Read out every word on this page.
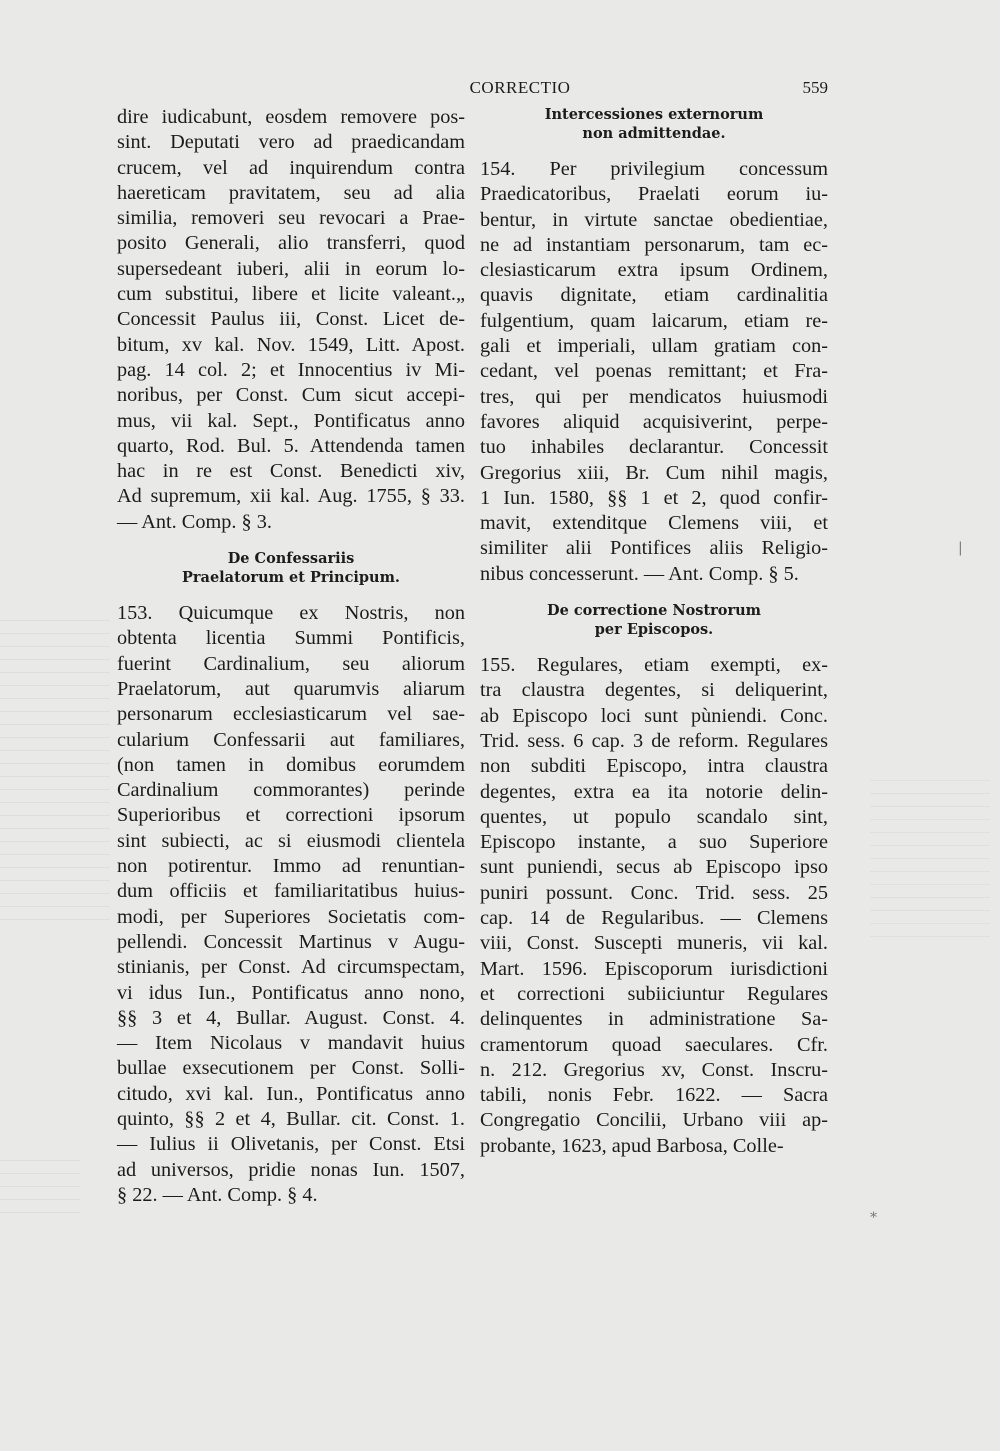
CORRECTIO	559
dire iudicabunt, eosdem removere pos-
sint. Deputati vero ad praedicandam
crucem, vel ad inquirendum contra
haereticam pravitatem, seu ad alia
similia, removeri seu revocari a Prae-
posito Generali, alio transferri, quod
supersedeant iuberi, alii in eorum lo-
cum substitui, libere et licite valeant.„
Concessit Paulus iii, Const. Licet de-
bitum, xv kal. Nov. 1549, Litt. Apost.
pag. 14 col. 2; et Innocentius iv Mi-
noribus, per Const. Cum sicut accepi-
mus, vii kal. Sept., Pontificatus anno
quarto, Rod. Bul. 5. Attendenda tamen
hac in re est Const. Benedicti xiv,
Ad supremum, xii kal. Aug. 1755, § 33.
— Ant. Comp. § 3.
De Confessariis
Praelatorum et Principum.
153. Quicumque ex Nostris, non
obtenta licentia Summi Pontificis,
fuerint Cardinalium, seu aliorum
Praelatorum, aut quarumvis aliarum
personarum ecclesiasticarum vel sae-
cularium Confessarii aut familiares,
(non tamen in domibus eorumdem
Cardinalium commorantes) perinde
Superioribus et correctioni ipsorum
sint subiecti, ac si eiusmodi clientela
non potirentur. Immo ad renuntian-
dum officiis et familiaritatibus huius-
modi, per Superiores Societatis com-
pellendi. Concessit Martinus v Augu-
stinianis, per Const. Ad circumspectam,
vi idus Iun., Pontificatus anno nono,
§§ 3 et 4, Bullar. August. Const. 4.
— Item Nicolaus v mandavit huius
bullae exsecutionem per Const. Solli-
citudo, xvi kal. Iun., Pontificatus anno
quinto, §§ 2 et 4, Bullar. cit. Const. 1.
— Iulius ii Olivetanis, per Const. Etsi
ad universos, pridie nonas Iun. 1507,
§ 22. — Ant. Comp. § 4.
Intercessiones externorum
non admittendae.
154. Per privilegium concessum
Praedicatoribus, Praelati eorum iu-
bentur, in virtute sanctae obedientiae,
ne ad instantiam personarum, tam ec-
clesiasticarum extra ipsum Ordinem,
quavis dignitate, etiam cardinalitia
fulgentium, quam laicarum, etiam re-
gali et imperiali, ullam gratiam con-
cedant, vel poenas remittant; et Fra-
tres, qui per mendicatos huiusmodi
favores aliquid acquisiverint, perpe-
tuo inhabiles declarantur. Concessit
Gregorius xiii, Br. Cum nihil magis,
1 Iun. 1580, §§ 1 et 2, quod confir-
mavit, extenditque Clemens viii, et
similiter alii Pontifices aliis Religio-
nibus concesserunt. — Ant. Comp. § 5.
De correctione Nostrorum
per Episcopos.
155. Regulares, etiam exempti, ex-
tra claustra degentes, si deliquerint,
ab Episcopo loci sunt pùniendi. Conc.
Trid. sess. 6 cap. 3 de reform. Regulares
non subditi Episcopo, intra claustra
degentes, extra ea ita notorie delin-
quentes, ut populo scandalo sint,
Episcopo instante, a suo Superiore
sunt puniendi, secus ab Episcopo ipso
puniri possunt. Conc. Trid. sess. 25
cap. 14 de Regularibus. — Clemens
viii, Const. Suscepti muneris, vii kal.
Mart. 1596. Episcoporum iurisdictioni
et correctioni subiiciuntur Regulares
delinquentes in administratione Sa-
cramentorum quoad saeculares. Cfr.
n. 212. Gregorius xv, Const. Inscru-
tabili, nonis Febr. 1622. — Sacra
Congregatio Concilii, Urbano viii ap-
probante, 1623, apud Barbosa, Colle-
|
*
